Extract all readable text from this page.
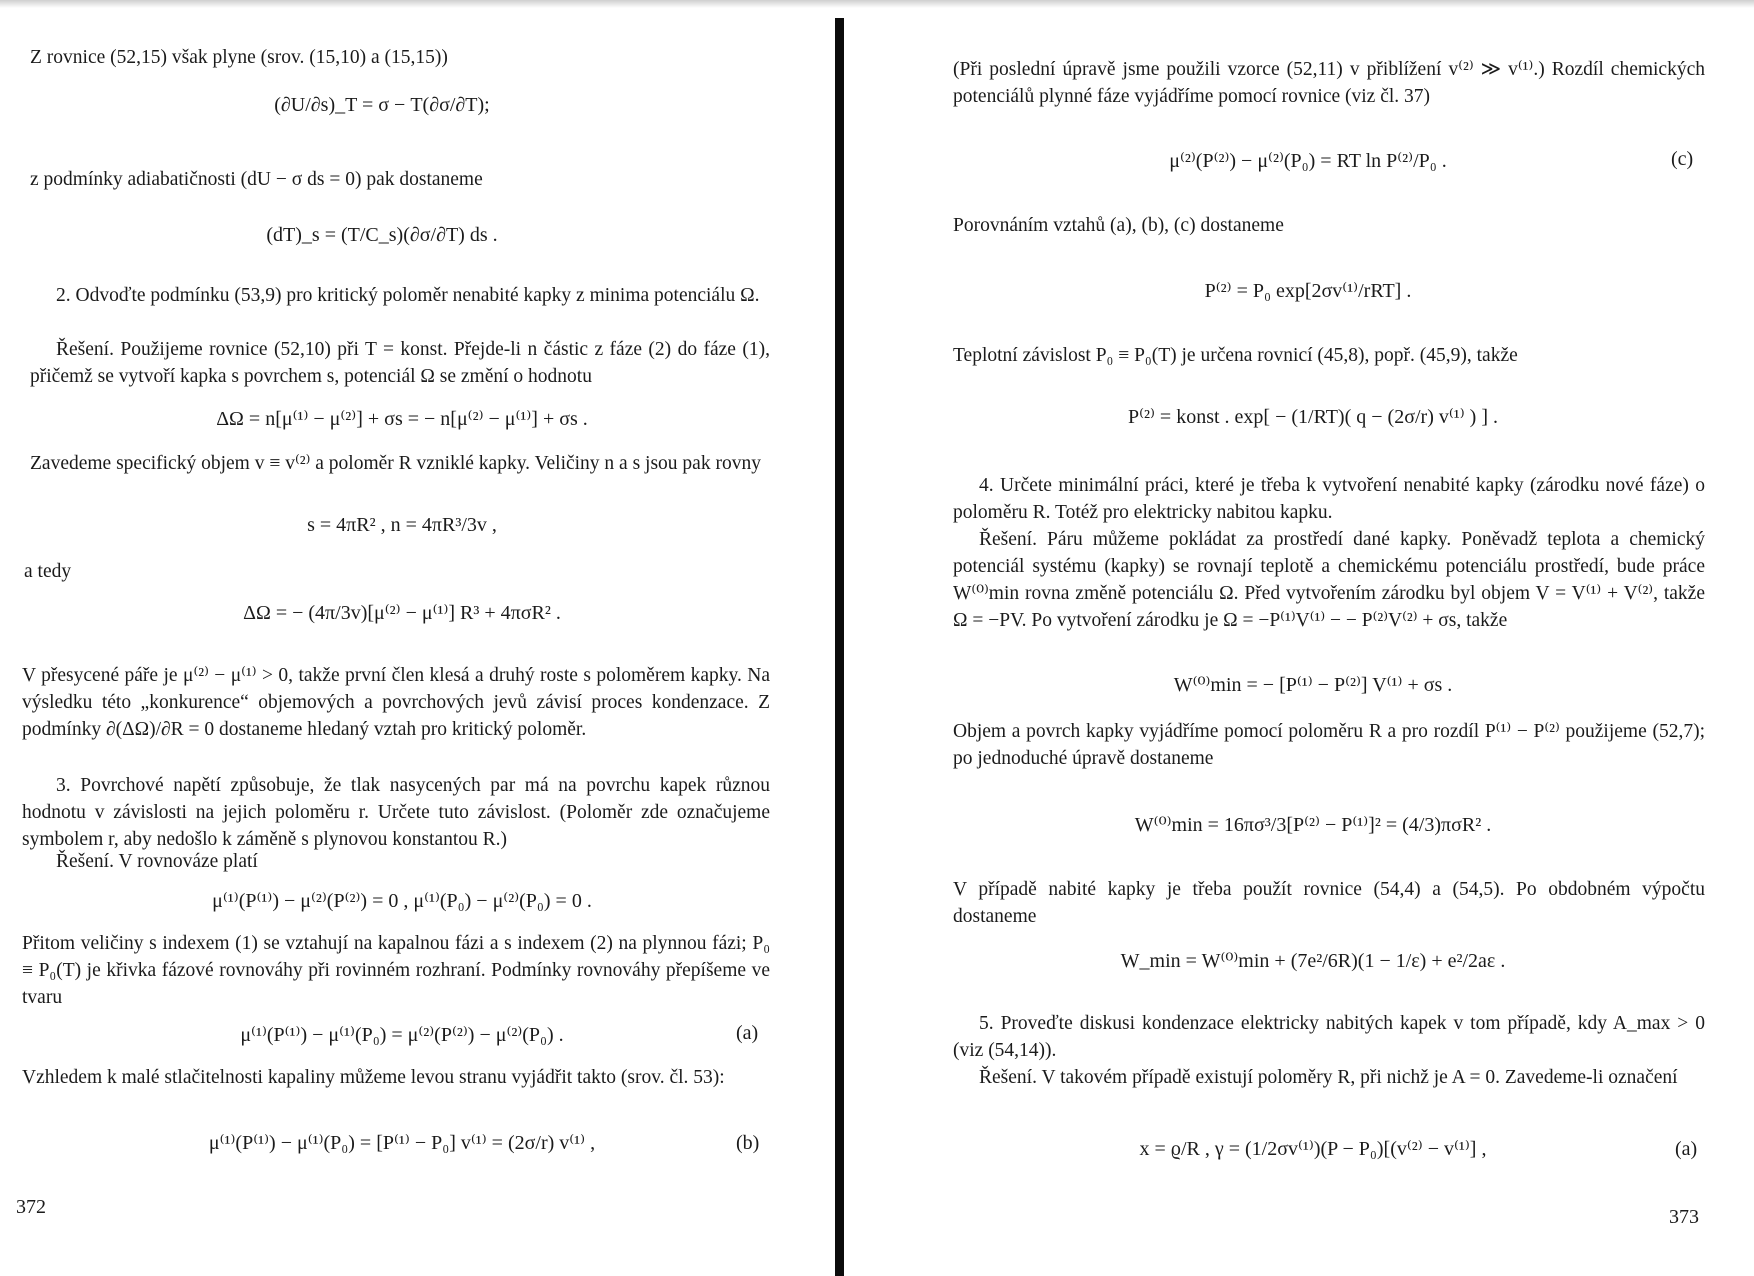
Z rovnice (52,15) však plyne (srov. (15,10) a (15,15))
(∂U/∂s)_T = σ − T(∂σ/∂T);
z podmínky adiabatičnosti (dU − σ ds = 0) pak dostaneme
(dT)_s = (T/C_s)(∂σ/∂T) ds .
2. Odvoďte podmínku (53,9) pro kritický poloměr nenabité kapky z minima potenciálu Ω.
Řešení. Použijeme rovnice (52,10) při T = konst. Přejde-li n částic z fáze (2) do fáze (1), přičemž se vytvoří kapka s povrchem s, potenciál Ω se změní o hodnotu
ΔΩ = n[μ⁽¹⁾ − μ⁽²⁾] + σs = − n[μ⁽²⁾ − μ⁽¹⁾] + σs .
Zavedeme specifický objem v ≡ v⁽²⁾ a poloměr R vzniklé kapky. Veličiny n a s jsou pak rovny
s = 4πR² , n = 4πR³/3v ,
a tedy
ΔΩ = − (4π/3v)[μ⁽²⁾ − μ⁽¹⁾] R³ + 4πσR² .
V přesycené páře je μ⁽²⁾ − μ⁽¹⁾ > 0, takže první člen klesá a druhý roste s poloměrem kapky. Na výsledku této „konkurence“ objemových a povrchových jevů závisí proces kondenzace. Z podmínky ∂(ΔΩ)/∂R = 0 dostaneme hledaný vztah pro kritický poloměr.
3. Povrchové napětí způsobuje, že tlak nasycených par má na povrchu kapek různou hodnotu v závislosti na jejich poloměru r. Určete tuto závislost. (Poloměr zde označujeme symbolem r, aby nedošlo k záměně s plynovou konstantou R.)
Řešení. V rovnováze platí
μ⁽¹⁾(P⁽¹⁾) − μ⁽²⁾(P⁽²⁾) = 0 , μ⁽¹⁾(P₀) − μ⁽²⁾(P₀) = 0 .
Přitom veličiny s indexem (1) se vztahují na kapalnou fázi a s indexem (2) na plynnou fázi; P₀ ≡ P₀(T) je křivka fázové rovnováhy při rovinném rozhraní. Podmínky rovnováhy přepíšeme ve tvaru
μ⁽¹⁾(P⁽¹⁾) − μ⁽¹⁾(P₀) = μ⁽²⁾(P⁽²⁾) − μ⁽²⁾(P₀) .	(a)
Vzhledem k malé stlačitelnosti kapaliny můžeme levou stranu vyjádřit takto (srov. čl. 53):
μ⁽¹⁾(P⁽¹⁾) − μ⁽¹⁾(P₀) = [P⁽¹⁾ − P₀] v⁽¹⁾ = (2σ/r) v⁽¹⁾ ,	(b)
372
(Při poslední úpravě jsme použili vzorce (52,11) v přiblížení v⁽²⁾ ≫ v⁽¹⁾.) Rozdíl chemických potenciálů plynné fáze vyjádříme pomocí rovnice (viz čl. 37)
μ⁽²⁾(P⁽²⁾) − μ⁽²⁾(P₀) = RT ln P⁽²⁾/P₀ .	(c)
Porovnáním vztahů (a), (b), (c) dostaneme
P⁽²⁾ = P₀ exp[2σv⁽¹⁾/rRT] .
Teplotní závislost P₀ ≡ P₀(T) je určena rovnicí (45,8), popř. (45,9), takže
P⁽²⁾ = konst . exp[ − (1/RT)( q − (2σ/r) v⁽¹⁾ ) ] .
4. Určete minimální práci, které je třeba k vytvoření nenabité kapky (zárodku nové fáze) o poloměru R. Totéž pro elektricky nabitou kapku.
Řešení. Páru můžeme pokládat za prostředí dané kapky. Poněvadž teplota a chemický potenciál systému (kapky) se rovnají teplotě a chemickému potenciálu prostředí, bude práce W⁽⁰⁾min rovna změně potenciálu Ω. Před vytvořením zárodku byl objem V = V⁽¹⁾ + V⁽²⁾, takže Ω = −PV. Po vytvoření zárodku je Ω = −P⁽¹⁾V⁽¹⁾ − − P⁽²⁾V⁽²⁾ + σs, takže
W⁽⁰⁾min = − [P⁽¹⁾ − P⁽²⁾] V⁽¹⁾ + σs .
Objem a povrch kapky vyjádříme pomocí poloměru R a pro rozdíl P⁽¹⁾ − P⁽²⁾ použijeme (52,7); po jednoduché úpravě dostaneme
W⁽⁰⁾min = 16πσ³/3[P⁽²⁾ − P⁽¹⁾]² = (4/3)πσR² .
V případě nabité kapky je třeba použít rovnice (54,4) a (54,5). Po obdobném výpočtu dostaneme
W_min = W⁽⁰⁾min + (7e²/6R)(1 − 1/ε) + e²/2aε .
5. Proveďte diskusi kondenzace elektricky nabitých kapek v tom případě, kdy A_max > 0 (viz (54,14)).
Řešení. V takovém případě existují poloměry R, při nichž je A = 0. Zavedeme-li označení
x = ϱ/R , γ = (1/2σv⁽¹⁾)(P − P₀)[(v⁽²⁾ − v⁽¹⁾] ,	(a)
373
